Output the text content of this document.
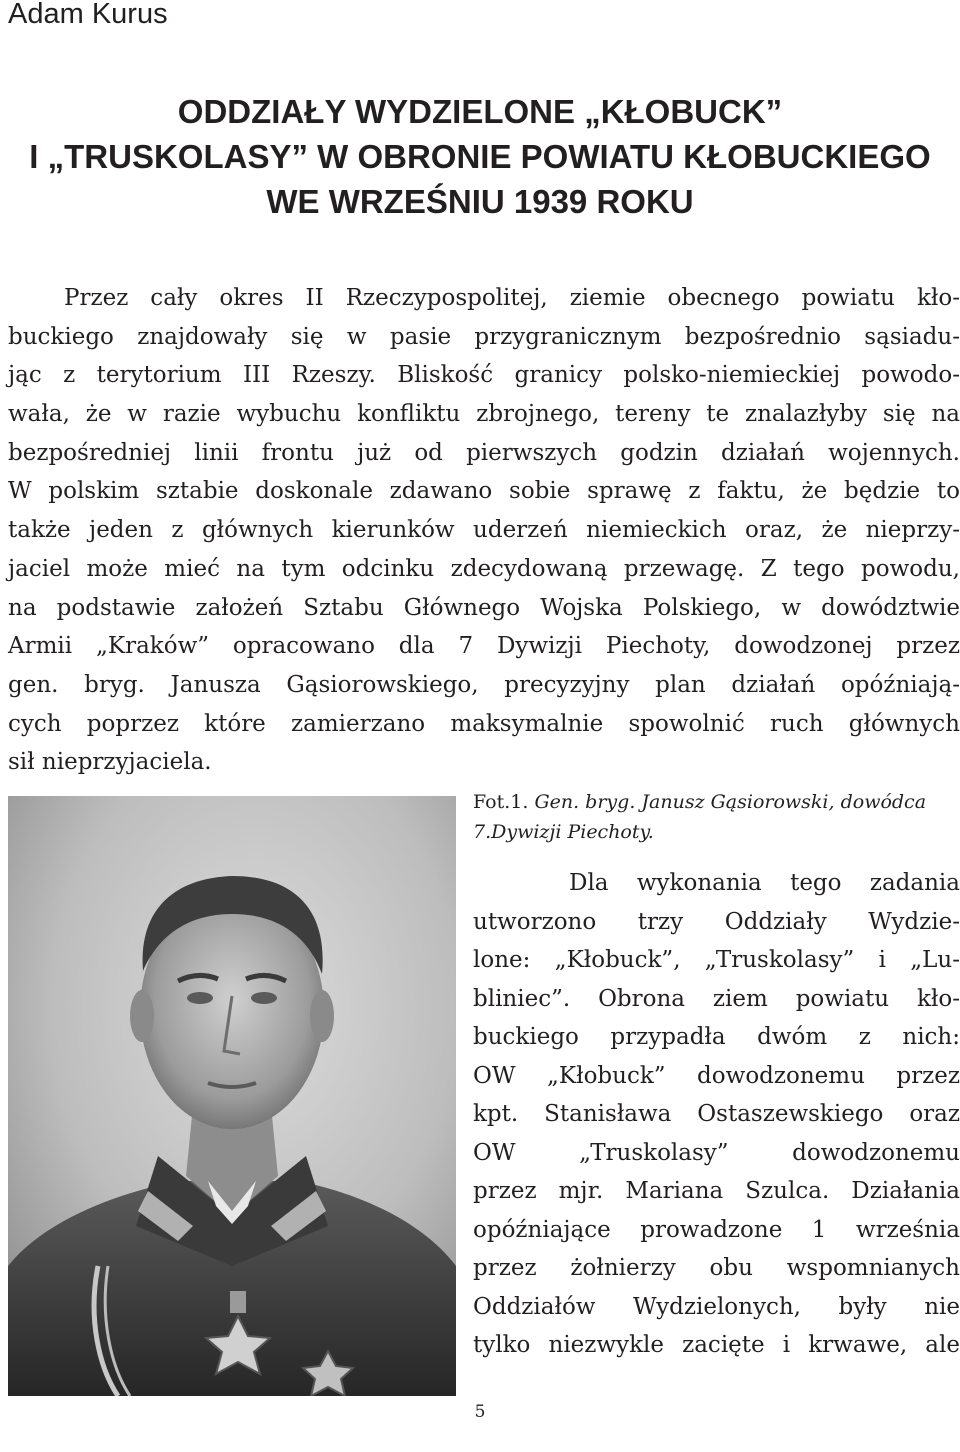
Adam Kurus
ODDZIAŁY WYDZIELONE „KŁOBUCK”
I „TRUSKOLASY” W OBRONIE POWIATU KŁOBUCKIEGO
WE WRZEŚNIU 1939 ROKU
Przez cały okres II Rzeczypospolitej, ziemie obecnego powiatu kło-
buckiego znajdowały się w pasie przygranicznym bezpośrednio sąsiadu-
jąc z terytorium III Rzeszy. Bliskość granicy polsko-niemieckiej powodo-
wała, że w razie wybuchu konfliktu zbrojnego, tereny te znalazłyby się na
bezpośredniej linii frontu już od pierwszych godzin działań wojennych.
W polskim sztabie doskonale zdawano sobie sprawę z faktu, że będzie to
także jeden z głównych kierunków uderzeń niemieckich oraz, że nieprzy-
jaciel może mieć na tym odcinku zdecydowaną przewagę. Z tego powodu,
na podstawie założeń Sztabu Głównego Wojska Polskiego, w dowództwie
Armii „Kraków” opracowano dla 7 Dywizji Piechoty, dowodzonej przez
gen. bryg. Janusza Gąsiorowskiego, precyzyjny plan działań opóźniają-
cych poprzez które zamierzano maksymalnie spowolnić ruch głównych
sił nieprzyjaciela.
Fot.1. Gen. bryg. Janusz Gąsiorowski, dowódca
7.Dywizji Piechoty.
Dla wykonania tego zadania
utworzono trzy Oddziały Wydzie-
lone: „Kłobuck”, „Truskolasy” i „Lu-
bliniec”. Obrona ziem powiatu kło-
buckiego przypadła dwóm z nich:
OW „Kłobuck” dowodzonemu przez
kpt. Stanisława Ostaszewskiego oraz
OW „Truskolasy” dowodzonemu
przez mjr. Mariana Szulca. Działania
opóźniające prowadzone 1 września
przez żołnierzy obu wspomnianych
Oddziałów Wydzielonych, były nie
tylko niezwykle zacięte i krwawe, ale
5
